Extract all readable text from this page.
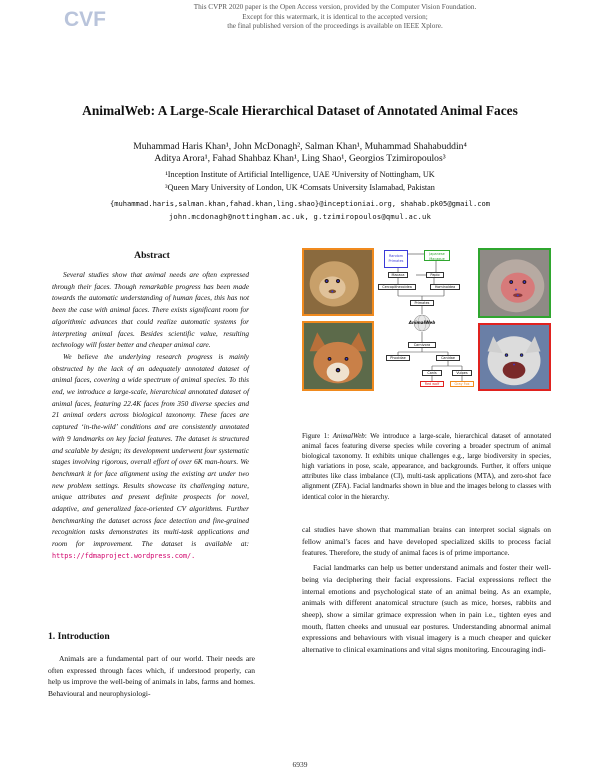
CVF
This CVPR 2020 paper is the Open Access version, provided by the Computer Vision Foundation.
Except for this watermark, it is identical to the accepted version;
the final published version of the proceedings is available on IEEE Xplore.
AnimalWeb: A Large-Scale Hierarchical Dataset of Annotated Animal Faces
Muhammad Haris Khan¹, John McDonagh², Salman Khan¹, Muhammad Shahabuddin⁴
Aditya Arora¹, Fahad Shahbaz Khan¹, Ling Shao¹, Georgios Tzimiropoulos³
¹Inception Institute of Artificial Intelligence, UAE ²University of Nottingham, UK
³Queen Mary University of London, UK ⁴Comsats University Islamabad, Pakistan
{muhammad.haris,salman.khan,fahad.khan,ling.shao}@inceptioniai.org, shahab.pk05@gmail.com
john.mcdonagh@nottingham.ac.uk, g.tzimiropoulos@qmul.ac.uk
Abstract

Several studies show that animal needs are often expressed through their faces. Though remarkable progress has been made towards the automatic understanding of human faces, this has not been the case with animal faces. There exists significant room for algorithmic advances that could realize automatic systems for interpreting animal faces. Besides scientific value, resulting technology will foster better and cheaper animal care.

We believe the underlying research progress is mainly obstructed by the lack of an adequately annotated dataset of animal faces, covering a wide spectrum of animal species. To this end, we introduce a large-scale, hierarchical annotated dataset of animal faces, featuring 22.4K faces from 350 diverse species and 21 animal orders across biological taxonomy. These faces are captured ‘in-the-wild’ conditions and are consistently annotated with 9 landmarks on key facial features. The dataset is structured and scalable by design; its development underwent four systematic stages involving rigorous, overall effort of over 6K man-hours. We benchmark it for face alignment using the existing art under two new problem settings. Results showcase its challenging nature, unique attributes and present definite prospects for novel, adaptive, and generalized face-oriented CV algorithms. Further benchmarking the dataset across face detection and fine-grained recognition tasks demonstrates its multi-task applications and room for improvement. The dataset is available at: https://fdmaproject.wordpress.com/.

1. Introduction

Animals are a fundamental part of our world. Their needs are often expressed through faces which, if understood properly, can help us improve the well-being of animals in labs, farms and homes. Behavioural and neurophysiologi-

Random Primates
Japanese Macaque
Macaca	Papio
Cercopithecoidea	Hominoidea
Primates
AnimalWeb
Carnivora
Phocidae	Canidae
Canis	Vulpes
Red wolf	Gray Fox
Figure 1: AnimalWeb: We introduce a large-scale, hierarchical dataset of annotated animal faces featuring diverse species while covering a broader spectrum of animal biological taxonomy. It exhibits unique challenges e.g., large biodiversity in species, high variations in pose, scale, appearance, and backgrounds. Further, it offers unique attributes like class imbalance (CI), multi-task applications (MTA), and zero-shot face alignment (ZFA). Facial landmarks shown in blue and the images belong to classes with identical color in the hierarchy.

cal studies have shown that mammalian brains can interpret social signals on fellow animal’s faces and have developed specialized skills to process facial features. Therefore, the study of animal faces is of prime importance.

Facial landmarks can help us better understand animals and foster their well-being via deciphering their facial expressions. Facial expressions reflect the internal emotions and psychological state of an animal being. As an example, animals with different anatomical structure (such as mice, horses, rabbits and sheep), show a similar grimace expression when in pain i.e., tighten eyes and mouth, flatten cheeks and unusual ear postures. Understanding abnormal animal expressions and behaviours with visual imagery is a much cheaper and quicker alternative to clinical examinations and vital signs monitoring. Encouraging indi-

6939
